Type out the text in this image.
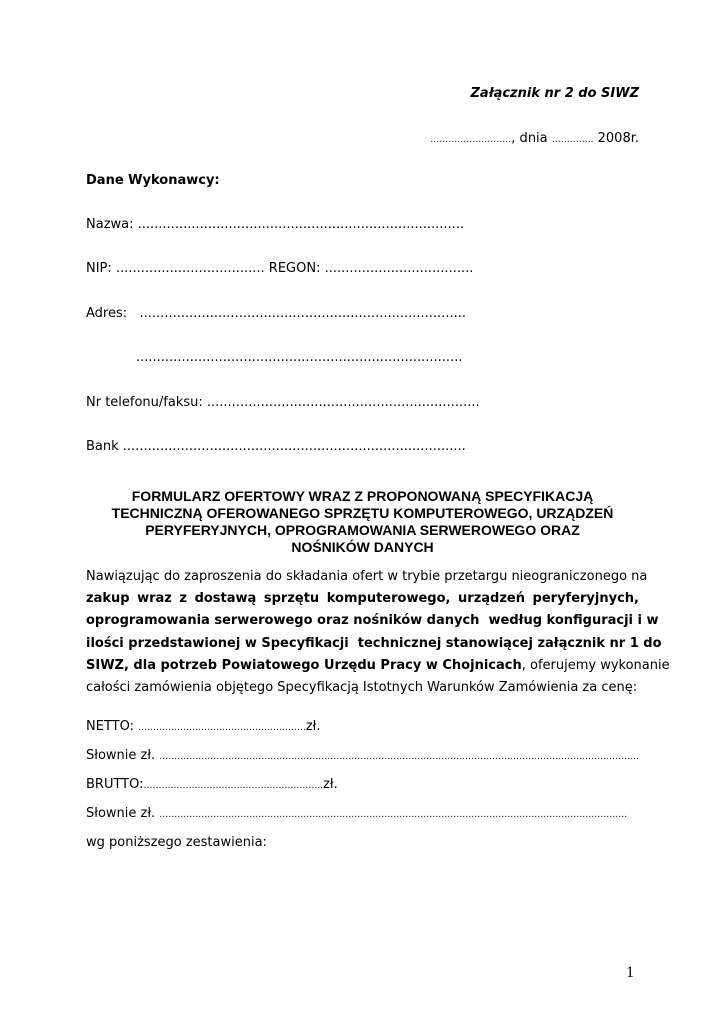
Załącznik nr 2 do SIWZ
………………………, dnia ………….. 2008r.
Dane Wykonawcy:
Nazwa: ...............................................................................
NIP: .................................... REGON: ....................................
Adres:   ...............................................................................
...............................................................................
Nr telefonu/faksu: ..................................................................
Bank ...................................................................................
FORMULARZ OFERTOWY WRAZ Z PROPONOWANĄ SPECYFIKACJĄ
TECHNICZNĄ OFEROWANEGO SPRZĘTU KOMPUTEROWEGO, URZĄDZEŃ
PERYFERYJNYCH, OPROGRAMOWANIA SERWEROWEGO ORAZ
NOŚNIKÓW DANYCH
Nawiązując do zaproszenia do składania ofert w trybie przetargu nieograniczonego na
zakup wraz z dostawą sprzętu komputerowego, urządzeń peryferyjnych,
oprogramowania serwerowego oraz nośników danych  według konfiguracji i w
ilości przedstawionej w Specyfikacji  technicznej stanowiącej załącznik nr 1 do
SIWZ, dla potrzeb Powiatowego Urzędu Pracy w Chojnicach, oferujemy wykonanie
całości zamówienia objętego Specyfikacją Istotnych Warunków Zamówienia za cenę:
NETTO: ……………………………………..…………zł.
Słownie zł. ……………………………………………………………………………………….……………………………………………………
BRUTTO:……………………………………….…………..zł.
Słownie zł. …………………………………………………………………………………………………………………………………………
wg poniższego zestawienia:
1
